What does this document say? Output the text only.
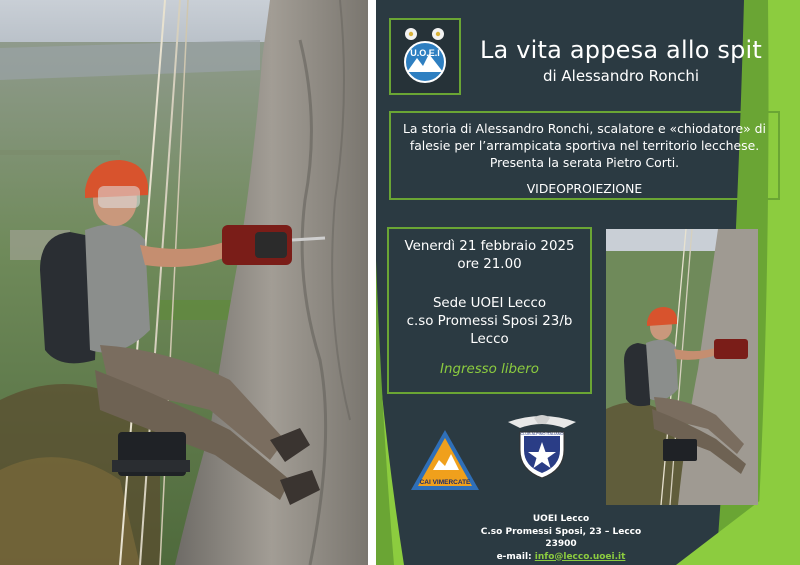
U.O.E.I La vita appesa allo spit
di Alessandro Ronchi
La storia di Alessandro Ronchi, scalatore e «chiodatore» di falesie per l’arrampicata sportiva nel territorio lecchese. Presenta la serata Pietro Corti.
VIDEOPROIEZIONE
Venerdì 21 febbraio 2025
ore 21.00
Sede UOEI Lecco
c.so Promessi Sposi 23/b
Lecco
Ingresso libero
CAI VIMERCATE
CLUB ALPINO ITALIANO
UOEI Lecco
C.so Promessi Sposi, 23 – Lecco 23900
e-mail: info@lecco.uoei.it
